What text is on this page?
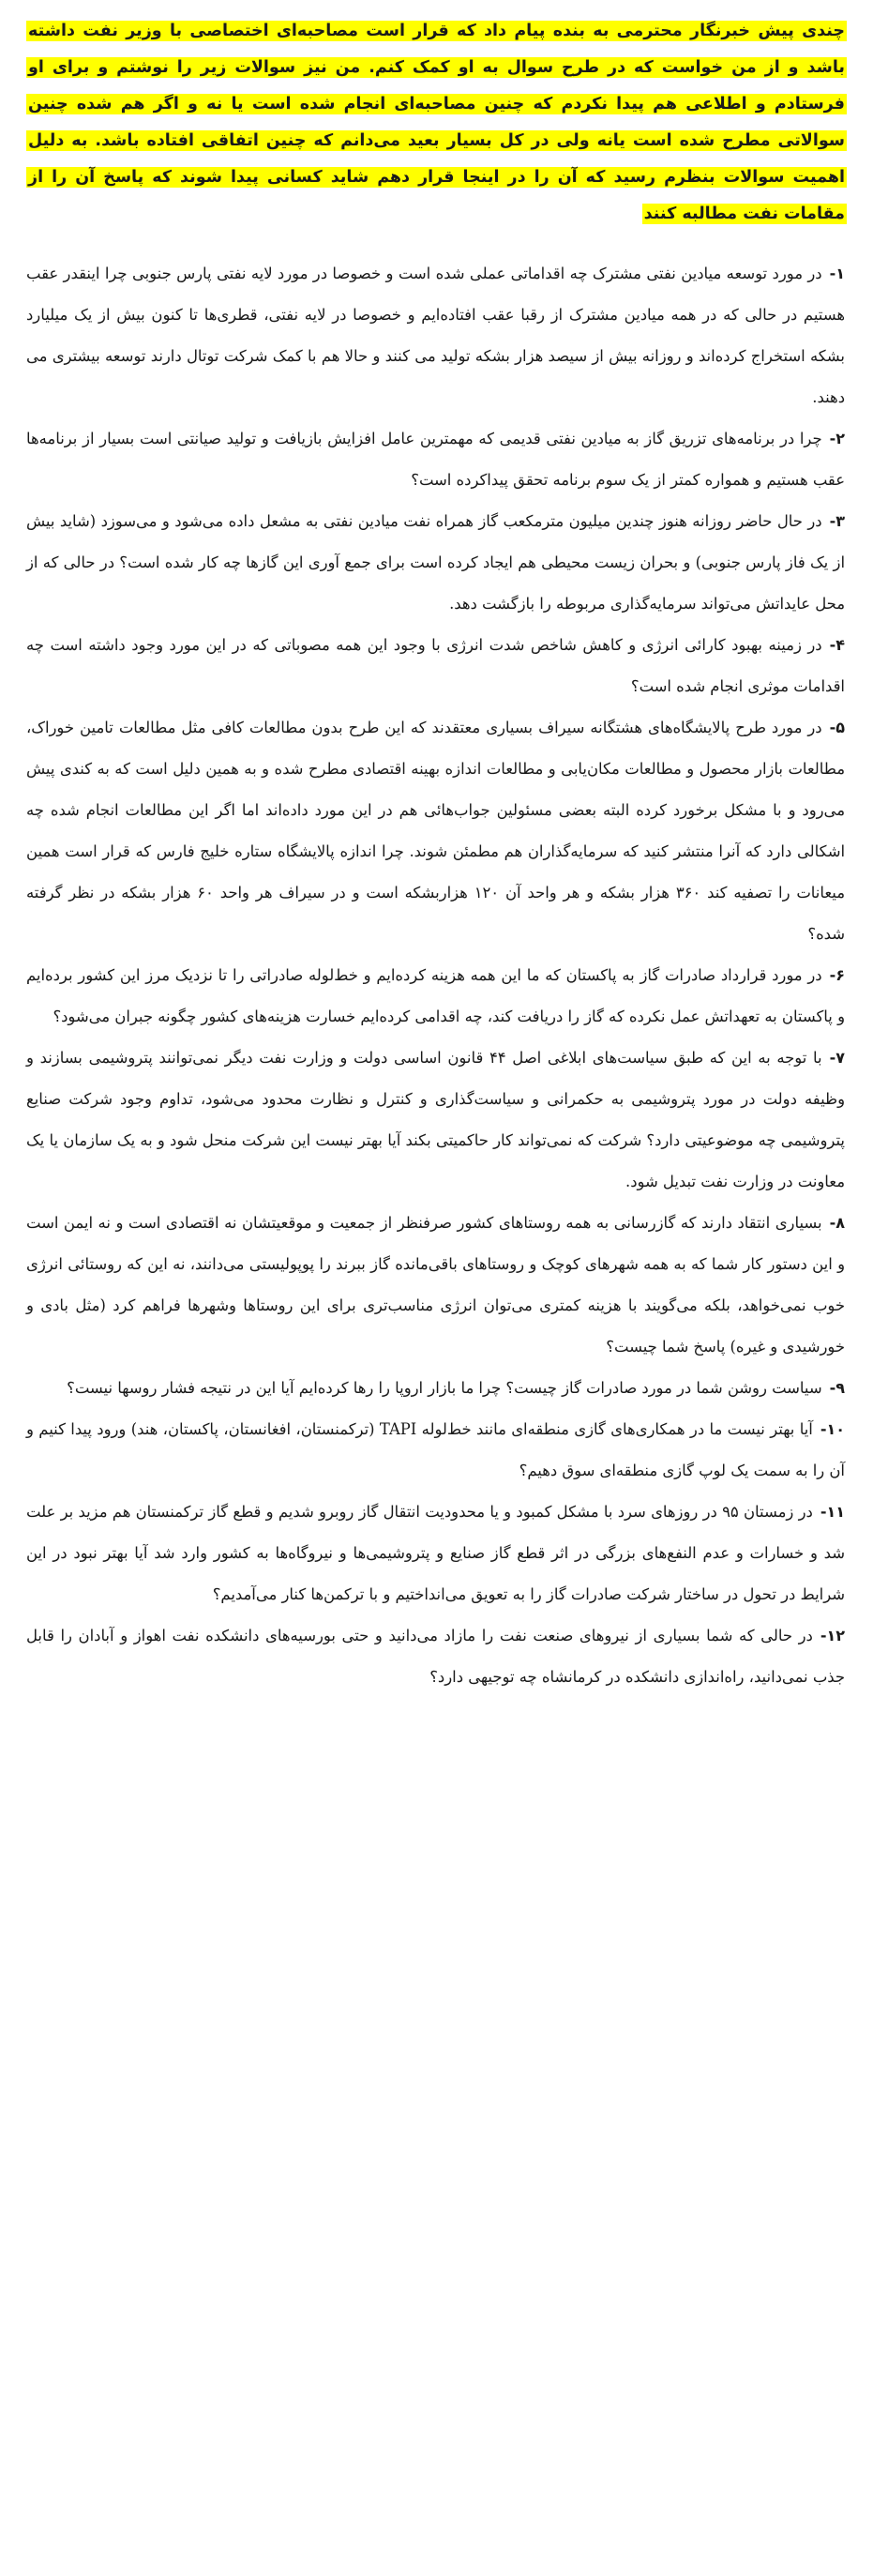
چندی پیش خبرنگار محترمی به بنده پیام داد که قرار است مصاحبه‌ای اختصاصی با وزیر نفت داشته باشد و از من خواست که در طرح سوال به او کمک کنم. من نیز سوالات زیر را نوشتم و برای او فرستادم و اطلاعی هم پیدا نکردم که چنین مصاحبه‌ای انجام شده است یا نه و اگر هم شده چنین سوالاتی مطرح شده است یانه ولی در کل بسیار بعید می‌دانم که چنین اتفاقی افتاده باشد. به دلیل اهمیت سوالات بنظرم رسید که آن را در اینجا قرار دهم شاید کسانی پیدا شوند که پاسخ آن را از مقامات نفت مطالبه کنند

۱-در مورد توسعه میادین نفتی مشترک چه اقداماتی عملی شده است و خصوصا در مورد لایه نفتی پارس جنوبی چرا اینقدر عقب هستیم در حالی که در همه میادین مشترک از رقبا عقب افتاده‌ایم و خصوصا در لایه نفتی، قطری‌ها تا کنون بیش از یک میلیارد بشکه استخراج کرده‌اند و روزانه بیش از سیصد هزار بشکه تولید می کنند و حالا هم با کمک شرکت توتال دارند توسعه بیشتری می دهند.
۲-چرا در برنامه‌های تزریق گاز به میادین نفتی قدیمی که مهمترین عامل افزایش بازیافت و تولید صیانتی است بسیار از برنامه‌ها عقب هستیم و همواره کمتر از یک سوم برنامه تحقق پیدا‌کرده است؟
۳-در حال حاضر روزانه هنوز چندین میلیون مترمکعب گاز همراه نفت میادین نفتی به مشعل داده می‌شود و می‌سوزد (شاید بیش از یک فاز پارس جنوبی) و بحران زیست محیطی هم ایجاد کرده است برای جمع آوری این گازها چه کار شده است؟ در حالی که از محل عایداتش می‌تواند سرمایه‌گذاری مربوطه را بازگشت دهد.
۴-در زمینه بهبود کارائی انرژی و کاهش شاخص شدت انرژی با وجود این همه مصوباتی که در این مورد وجود داشته است چه اقدامات موثری انجام شده است؟
۵-در مورد طرح پالایشگاه‌های هشتگانه سیراف بسیاری معتقدند که این طرح بدون مطالعات کافی مثل مطالعات تامین خوراک، مطالعات بازار محصول و مطالعات مکان‌یابی و مطالعات اندازه بهینه اقتصادی مطرح شده و به همین دلیل است که به کندی پیش می‌رود و با مشکل برخورد کرده البته بعضی مسئولین جواب‌هائی هم در این مورد داده‌اند اما اگر این مطالعات انجام شده چه اشکالی دارد که آنرا منتشر کنید که سرمایه‌گذاران هم مطمئن شوند. چرا اندازه پالایشگاه ستاره خلیج فارس که قرار است همین میعانات را تصفیه کند ۳۶۰ هزار بشکه و هر واحد آن ۱۲۰ هزاربشکه است و در سیراف هر واحد ۶۰ هزار بشکه در نظر گرفته شده؟
۶-در مورد قرارداد صادرات گاز به پاکستان که ما این همه هزینه کرده‌ایم و خط‌لوله صادراتی را تا نزدیک مرز این کشور برده‌ایم و پاکستان به تعهداتش عمل نکرده که گاز را دریافت کند، چه اقدامی کرده‌ایم خسارت هزینه‌های کشور چگونه جبران می‌شود؟
۷-با توجه به این که طبق سیاست‌های ابلاغی اصل ۴۴ قانون اساسی دولت و وزارت نفت دیگر نمی‌توانند پتروشیمی بسازند و وظیفه دولت در مورد پتروشیمی به حکمرانی و سیاست‌گذاری و کنترل و نظارت محدود می‌شود، تداوم وجود شرکت صنایع پتروشیمی چه موضوعیتی دارد؟ شرکت که نمی‌تواند کار حاکمیتی بکند آیا بهتر نیست این شرکت منحل شود و به یک سازمان یا یک معاونت در وزارت نفت تبدیل شود.
۸-بسیاری انتقاد دارند که گازرسانی به همه روستاهای کشور صرفنظر از جمعیت و موقعیتشان نه اقتصادی است و نه ایمن است و این دستور کار شما که به همه شهرهای کوچک و روستاهای باقی‌مانده گاز ببرند را پوپولیستی می‌دانند، نه این که روستائی انرژی خوب نمی‌خواهد، بلکه می‌گویند با هزینه کمتری می‌توان انرژی مناسب‌تری برای این روستاها وشهرها فراهم کرد (مثل بادی و خورشیدی و غیره) پاسخ شما چیست؟
۹-سیاست روشن شما در مورد صادرات گاز چیست؟ چرا ما بازار اروپا را رها کرده‌ایم آیا این در نتیجه فشار روسها نیست؟
۱۰-آیا بهتر نیست ما در همکاری‌های گازی منطقه‌ای مانند خط‌لوله TAPI (ترکمنستان، افغانستان، پاکستان، هند) ورود پیدا کنیم و آن را به سمت یک لوپ گازی منطقه‌ای سوق دهیم؟
۱۱-در زمستان ۹۵ در روزهای سرد با مشکل کمبود و یا محدودیت انتقال گاز روبرو شدیم و قطع گاز ترکمنستان هم مزید بر علت شد و خسارات و عدم النفع‌های بزرگی در اثر قطع گاز صنایع و پتروشیمی‌ها و نیروگاه‌ها به کشور وارد شد آیا بهتر نبود در این شرایط در تحول در ساختار شرکت صادرات گاز را به تعویق می‌انداختیم و با ترکمن‌ها کنار می‌آمدیم؟
۱۲-در حالی که شما بسیاری از نیروهای صنعت نفت را مازاد می‌دانید و حتی بورسیه‌های دانشکده نفت اهواز و آبادان را قابل جذب نمی‌دانید، راه‌اندازی دانشکده در کرمانشاه چه توجیهی دارد؟
